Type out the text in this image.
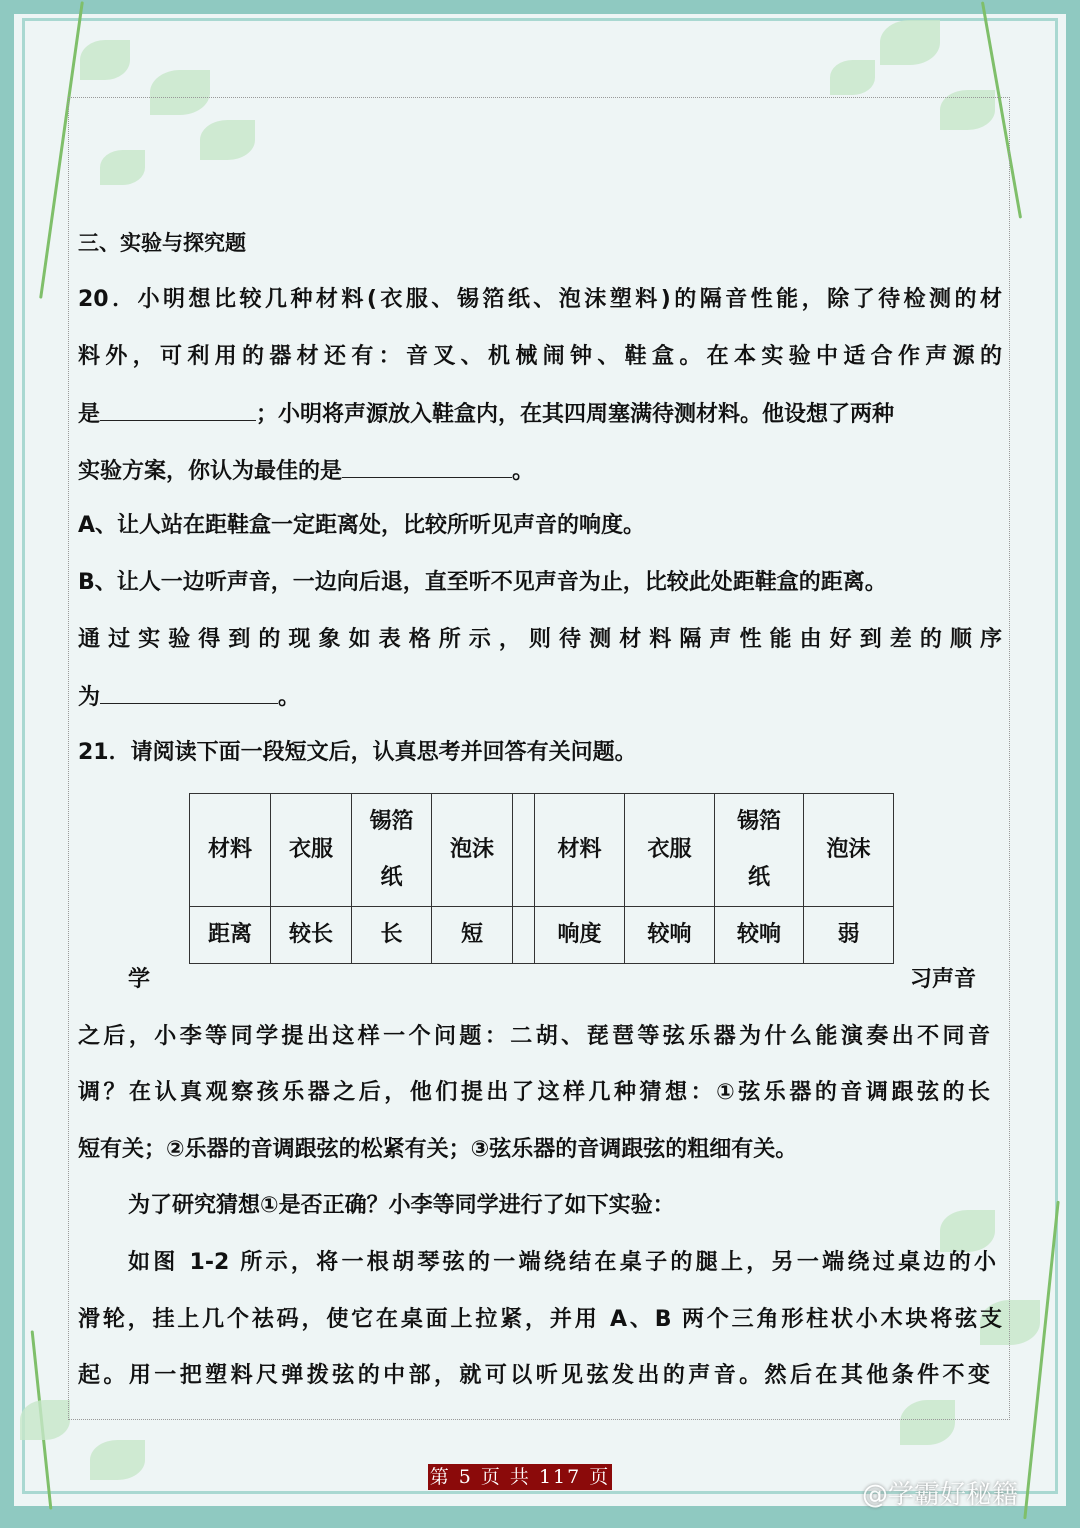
三、实验与探究题
20．小明想比较几种材料(衣服、锡箔纸、泡沫塑料)的隔音性能，除了待检测的材
料外，可利用的器材还有：音叉、机械闹钟、鞋盒。在本实验中适合作声源的
是	；小明将声源放入鞋盒内，在其四周塞满待测材料。他设想了两种
实验方案，你认为最佳的是	。
A、让人站在距鞋盒一定距离处，比较所听见声音的响度。
B、让人一边听声音，一边向后退，直至听不见声音为止，比较此处距鞋盒的距离。
通过实验得到的现象如表格所示，则待测材料隔声性能由好到差的顺序
为	。
21．请阅读下面一段短文后，认真思考并回答有关问题。
材料	衣服	锡箔纸	泡沫		材料	衣服	锡箔纸	泡沫
距离	较长	长	短		响度	较响	较响	弱
学	习声音
之后，小李等同学提出这样一个问题：二胡、琵琶等弦乐器为什么能演奏出不同音
调？在认真观察孩乐器之后，他们提出了这样几种猜想：①弦乐器的音调跟弦的长
短有关；②乐器的音调跟弦的松紧有关；③弦乐器的音调跟弦的粗细有关。
为了研究猜想①是否正确？小李等同学进行了如下实验：
如图 1-2 所示，将一根胡琴弦的一端绕结在桌子的腿上，另一端绕过桌边的小
滑轮，挂上几个祛码，使它在桌面上拉紧，并用 A、B 两个三角形柱状小木块将弦支
起。用一把塑料尺弹拨弦的中部，就可以听见弦发出的声音。然后在其他条件不变
第 5 页 共 117 页
@学霸好秘籍
